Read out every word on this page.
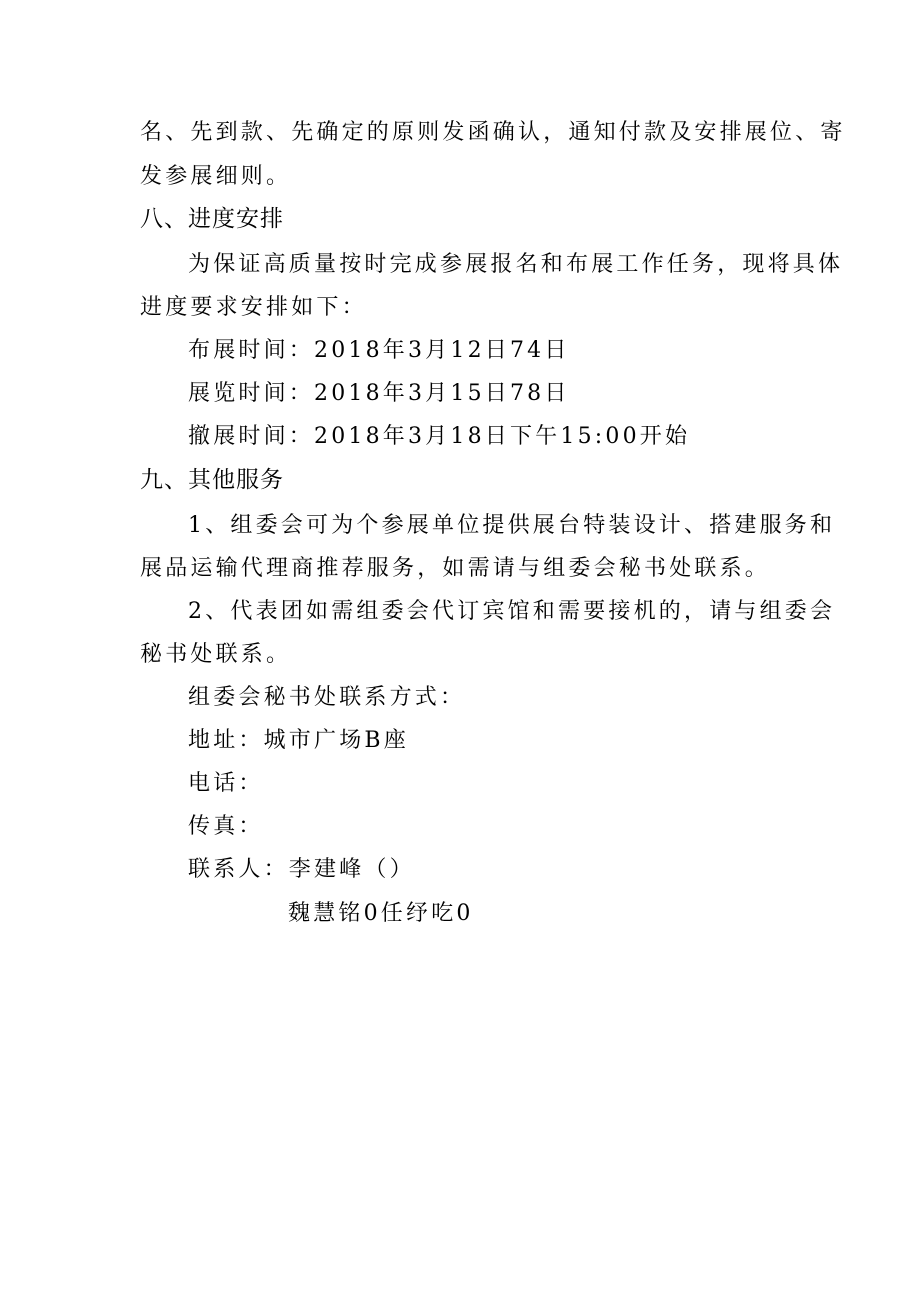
名、先到款、先确定的原则发函确认，通知付款及安排展位、寄
发参展细则。
八、进度安排
为保证高质量按时完成参展报名和布展工作任务，现将具体
进度要求安排如下：
布展时间：2018年3月12日74日
展览时间：2018年3月15日78日
撤展时间：2018年3月18日下午15:00开始
九、其他服务
1、组委会可为个参展单位提供展台特装设计、搭建服务和
展品运输代理商推荐服务，如需请与组委会秘书处联系。
2、代表团如需组委会代订宾馆和需要接机的，请与组委会
秘书处联系。
组委会秘书处联系方式：
地址：城市广场B座
电话：
传真：
联系人：李建峰（）
魏慧铭0任纾吃0
